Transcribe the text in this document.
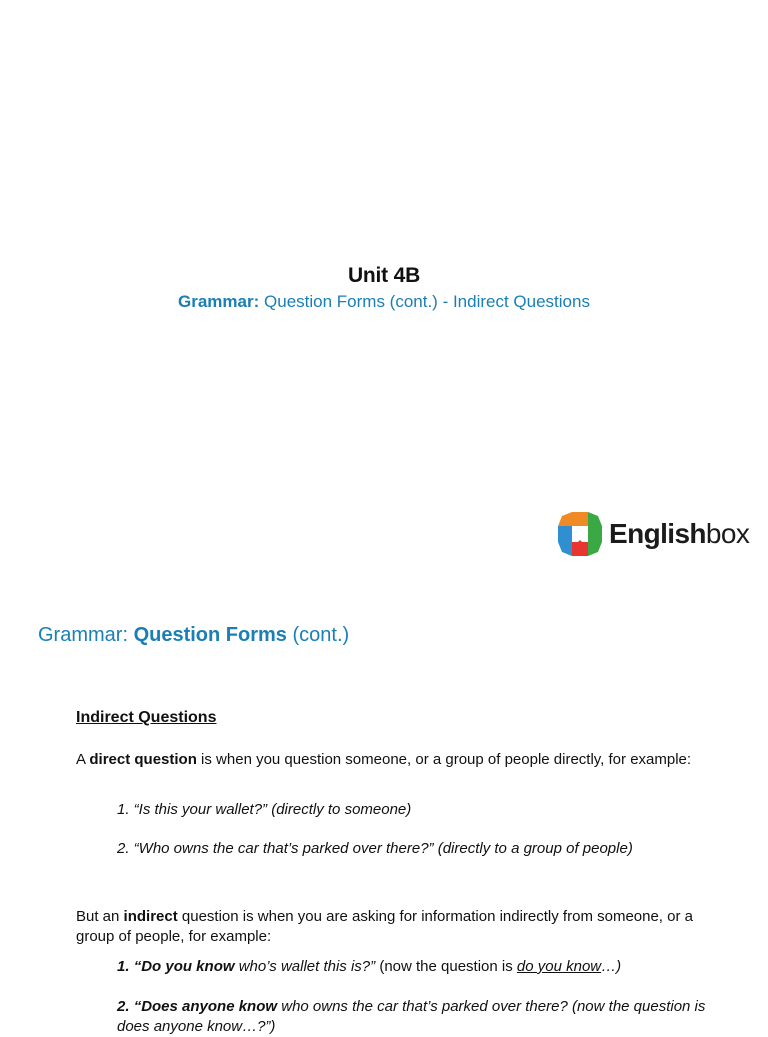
Unit 4B
Grammar: Question Forms (cont.) - Indirect Questions
Englishbox
Grammar: Question Forms (cont.)
Indirect Questions
A direct question is when you question someone, or a group of people directly, for example:
1. “Is this your wallet?” (directly to someone)
2. “Who owns the car that’s parked over there?” (directly to a group of people)
But an indirect question is when you are asking for information indirectly from someone, or a group of people, for example:
1. “Do you know who’s wallet this is?” (now the question is do you know…)
2. “Does anyone know who owns the car that’s parked over there? (now the question is does anyone know…?”)
